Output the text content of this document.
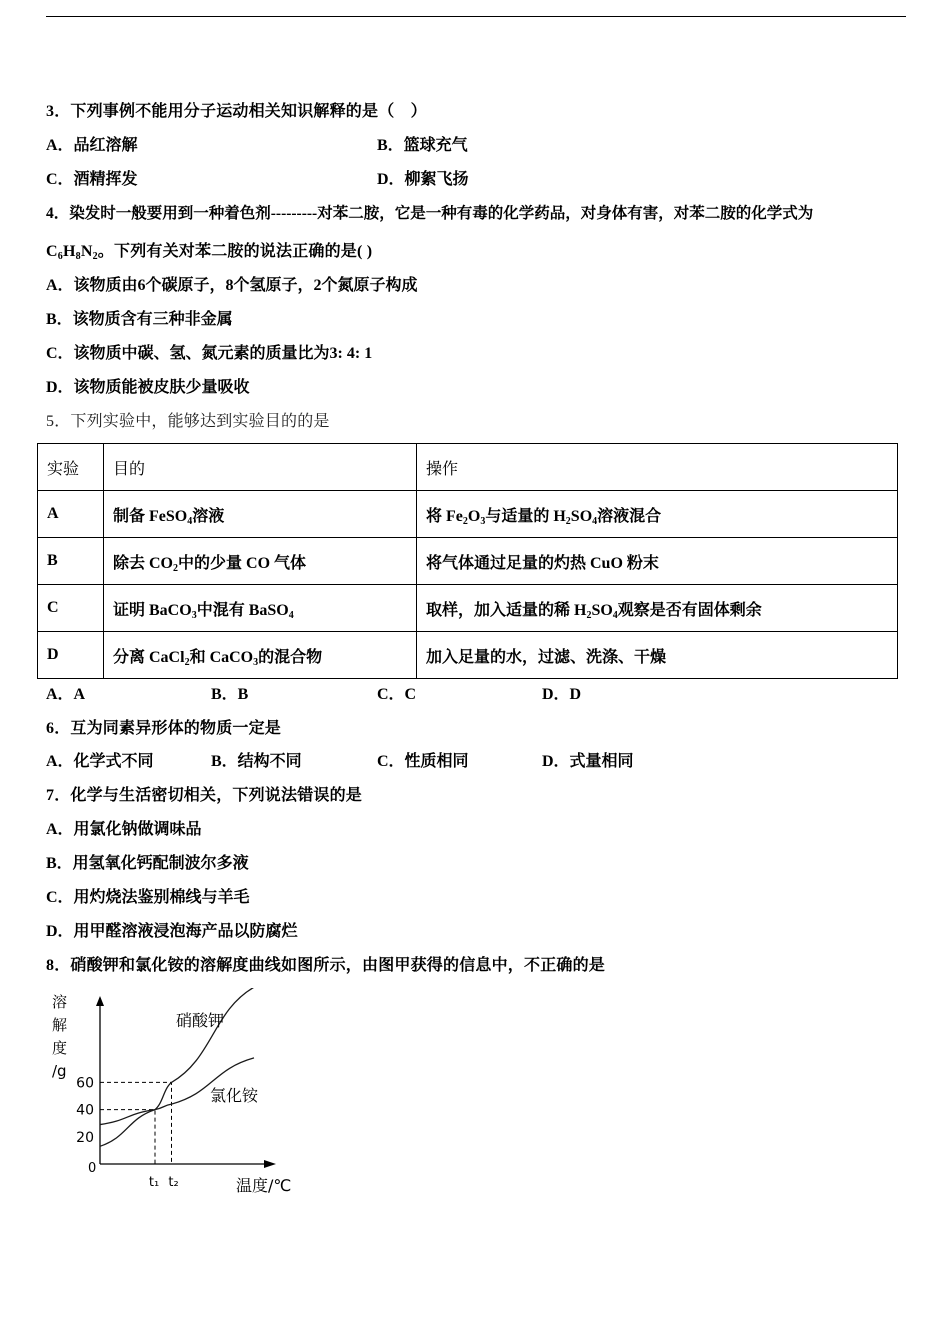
3．下列事例不能用分子运动相关知识解释的是（　）
A．品红溶解	B．篮球充气
C．酒精挥发	D．柳絮飞扬
4．染发时一般要用到一种着色剂---------对苯二胺，它是一种有毒的化学药品，对身体有害，对苯二胺的化学式为
$C_6H_8N_2$。下列有关对苯二胺的说法正确的是( )
A．该物质由6个碳原子，8个氢原子，2个氮原子构成
B．该物质含有三种非金属
C．该物质中碳、氢、氮元素的质量比为3: 4: 1
D．该物质能被皮肤少量吸收
5．下列实验中，能够达到实验目的的是
实验	目的	操作
A	制备 FeSO$_4$溶液	将 $Fe_2O_3$与适量的 $H_2SO_4$溶液混合
B	除去 $CO_2$中的少量 CO 气体	将气体通过足量的灼热 CuO 粉末
C	证明 BaCO$_3$中混有 BaSO$_4$	取样，加入适量的稀 $H_2SO_4$观察是否有固体剩余
D	分离 CaCl$_2$和 CaCO$_3$的混合物	加入足量的水，过滤、洗涤、干燥
A．A	B．B	C．C	D．D
6．互为同素异形体的物质一定是
A．化学式不同	B．结构不同	C．性质相同	D．式量相同
7．化学与生活密切相关，下列说法错误的是
A．用氯化钠做调味品
B．用氢氧化钙配制波尔多液
C．用灼烧法鉴别棉线与羊毛
D．用甲醛溶液浸泡海产品以防腐烂
8．硝酸钾和氯化铵的溶解度曲线如图所示，由图甲获得的信息中，不正确的是
20
40
60
0
t₁ t₂
硝酸钾
氯化铵
溶
解
度
/g
温度/℃
